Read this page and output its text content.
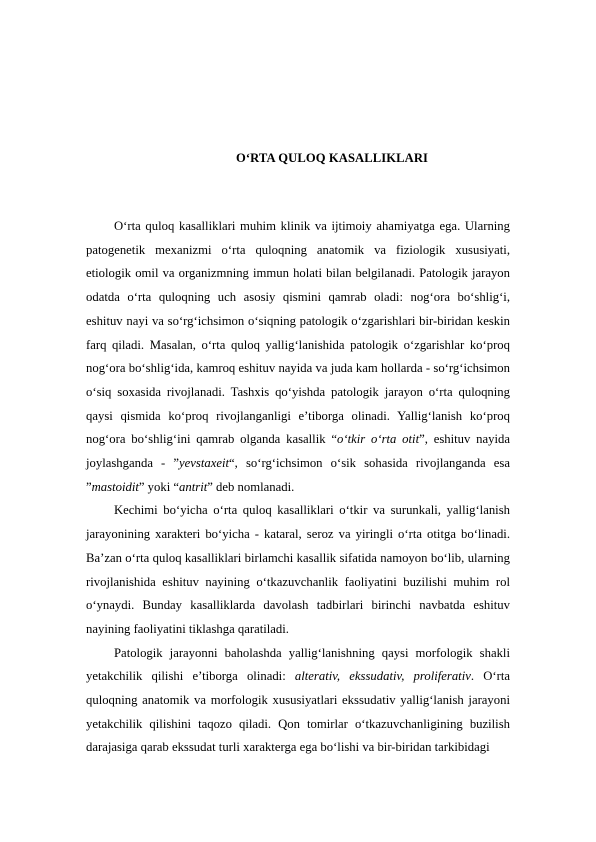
O‘RTA QULOQ KASALLIKLARI

O‘rta quloq kasalliklari muhim klinik va ijtimoiy ahamiyatga ega. Ularning patogenetik mexanizmi o‘rta quloqning anatomik va fiziologik xususiyati, etiologik omil va organizmning immun holati bilan belgilanadi. Patologik jarayon odatda o‘rta quloqning uch asosiy qismini qamrab oladi: nog‘ora bo‘shlig‘i, eshituv nayi va so‘rg‘ichsimon o‘siqning patologik o‘zgarishlari bir-biridan keskin farq qiladi. Masalan, o‘rta quloq yallig‘lanishida patologik o‘zgarishlar ko‘proq nog‘ora bo‘shlig‘ida, kamroq eshituv nayida va juda kam hollarda - so‘rg‘ichsimon o‘siq soxasida rivojlanadi. Tashxis qo‘yishda patologik jarayon o‘rta quloqning qaysi qismida ko‘proq rivojlanganligi e’tiborga olinadi. Yallig‘lanish ko‘proq nog‘ora bo‘shlig‘ini qamrab olganda kasallik “o‘tkir o‘rta otit”, eshituv nayida joylashganda - ”yevstaxeit“, so‘rg‘ichsimon o‘sik sohasida rivojlanganda esa ”mastoidit” yoki “antrit” deb nomlanadi.

Kechimi bo‘yicha o‘rta quloq kasalliklari o‘tkir va surunkali, yallig‘lanish jarayonining xarakteri bo‘yicha - kataral, seroz va yiringli o‘rta otitga bo‘linadi. Ba’zan o‘rta quloq kasalliklari birlamchi kasallik sifatida namoyon bo‘lib, ularning rivojlanishida eshituv nayining o‘tkazuvchanlik faoliyatini buzilishi muhim rol o‘ynaydi. Bunday kasalliklarda davolash tadbirlari birinchi navbatda eshituv nayining faoliyatini tiklashga qaratiladi.

Patologik jarayonni baholashda yallig‘lanishning qaysi morfologik shakli yetakchilik qilishi e’tiborga olinadi: alterativ, ekssudativ, proliferativ. O‘rta quloqning anatomik va morfologik xususiyatlari ekssudativ yallig‘lanish jarayoni yetakchilik qilishini taqozo qiladi. Qon tomirlar o‘tkazuvchanligining buzilish darajasiga qarab ekssudat turli xarakterga ega bo‘lishi va bir-biridan tarkibidagi
